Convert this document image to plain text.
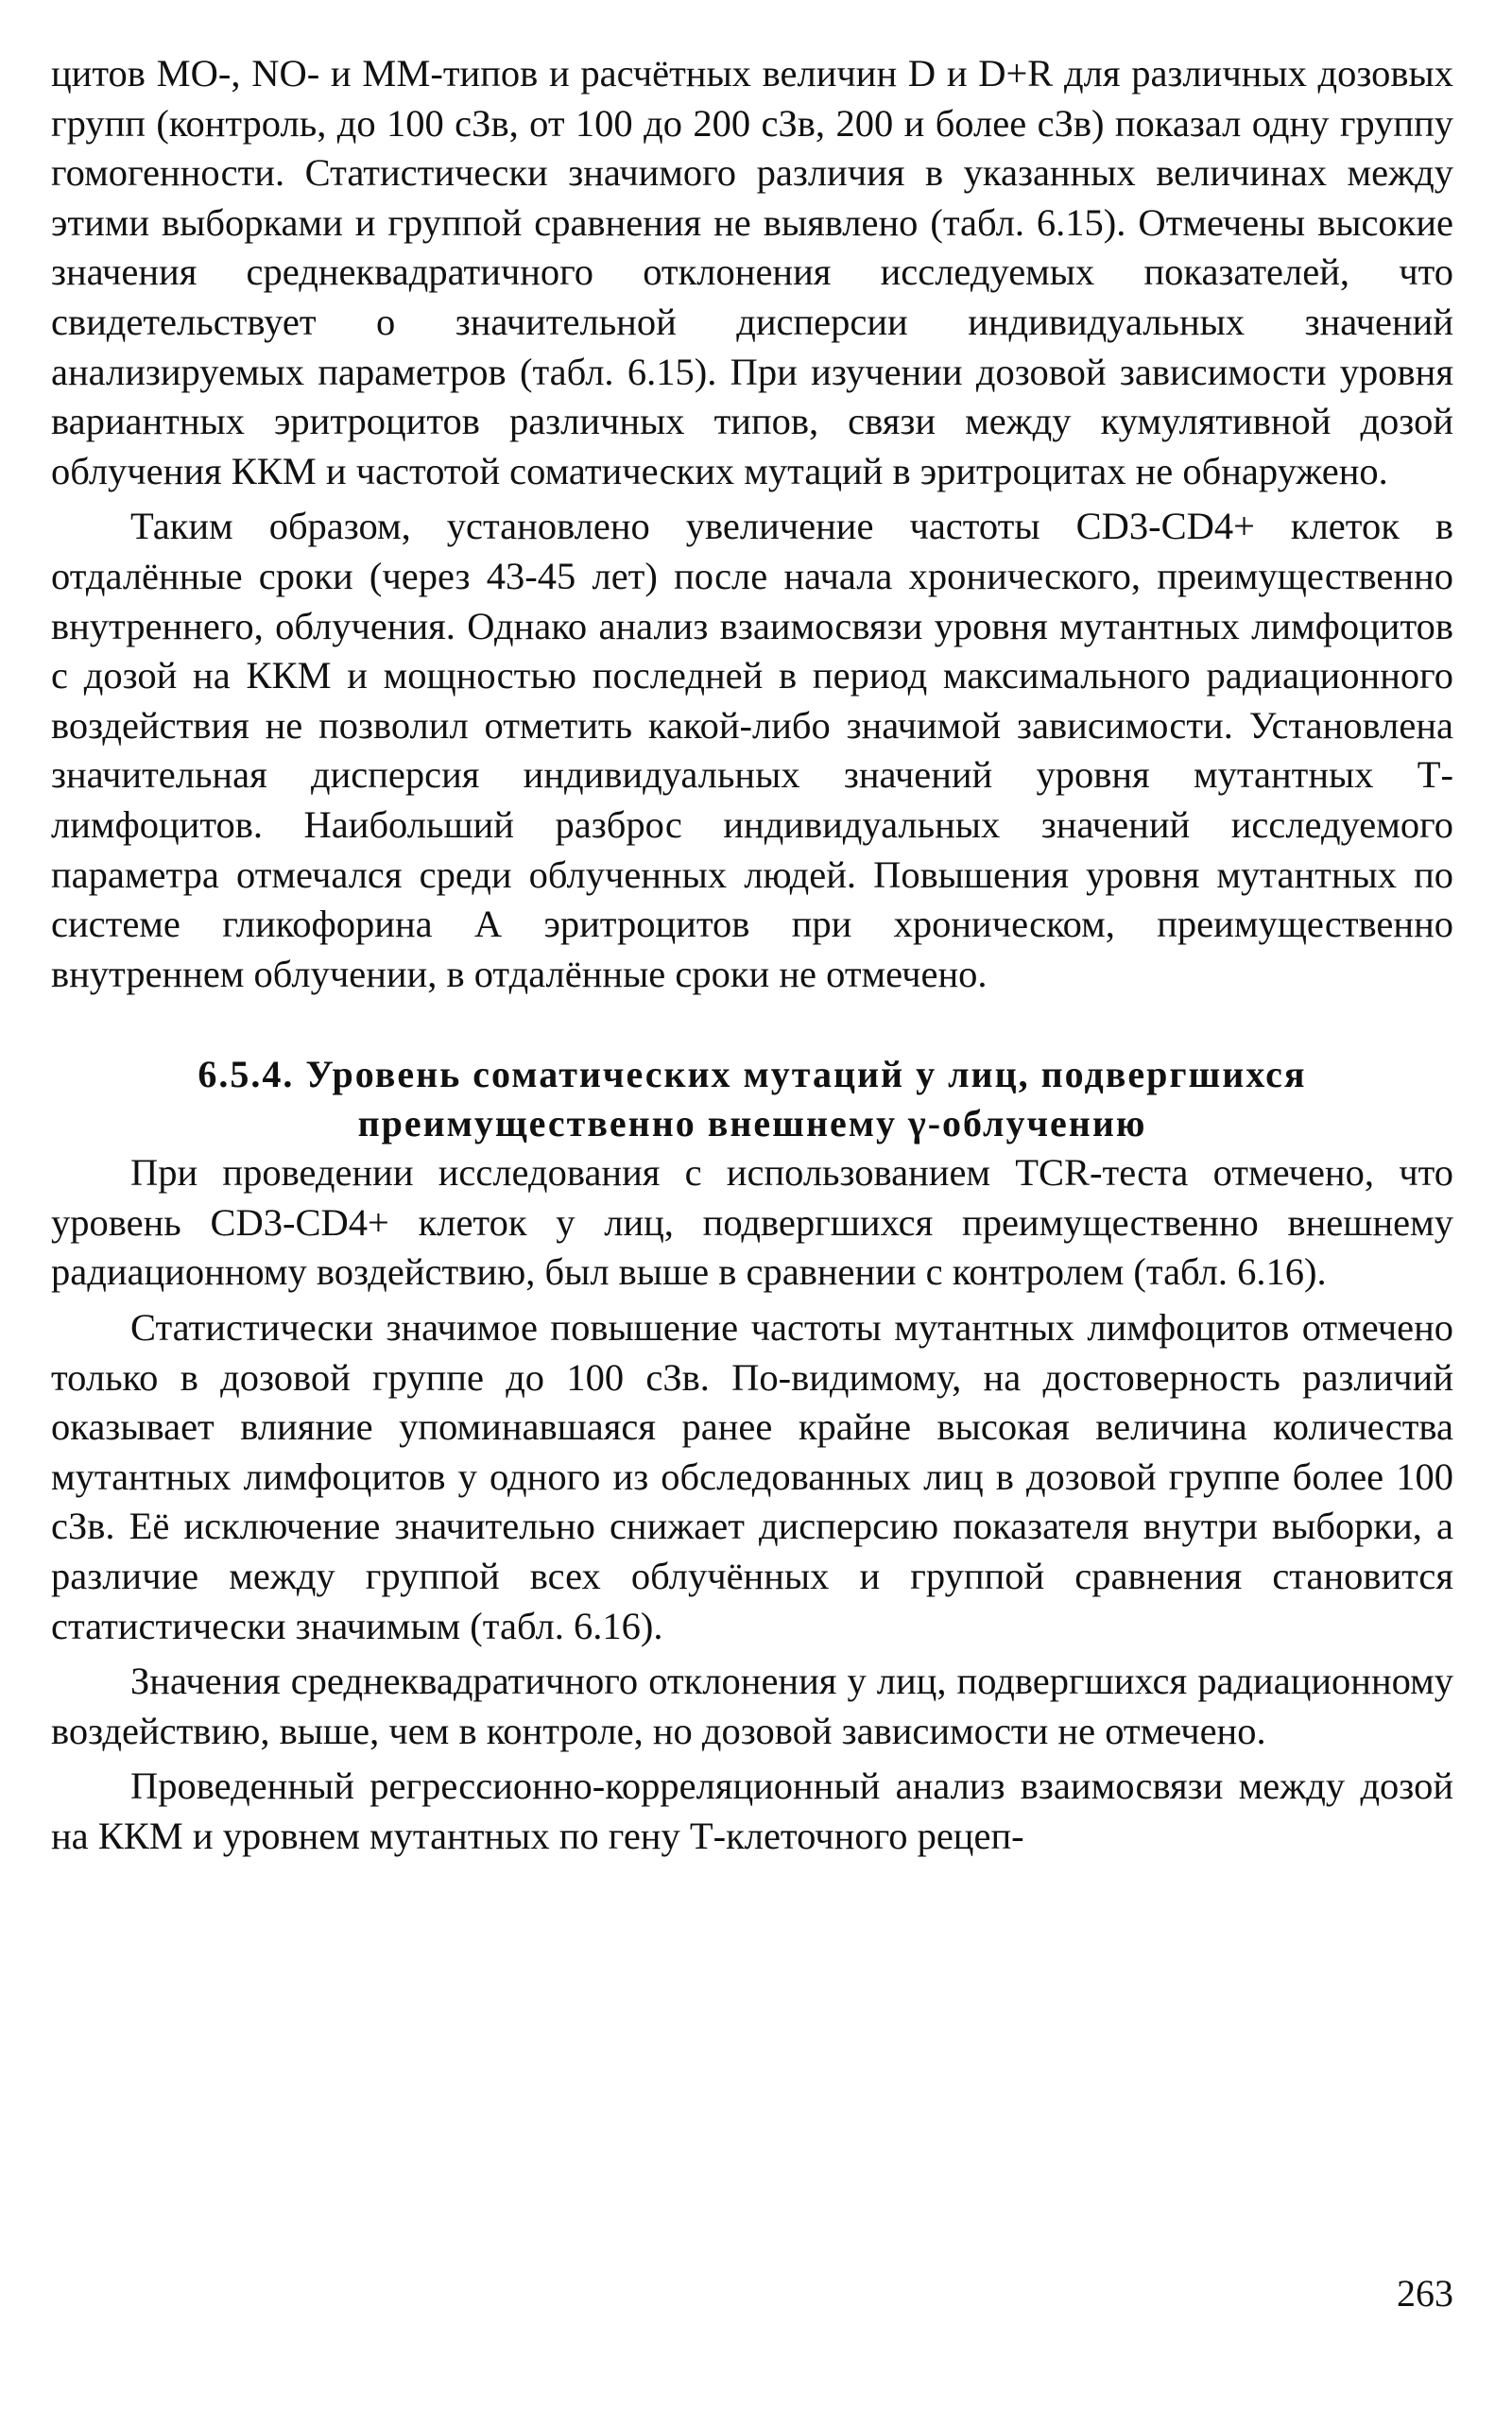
цитов МО-, NO- и ММ-типов и расчётных величин D и D+R для различных дозовых групп (контроль, до 100 сЗв, от 100 до 200 сЗв, 200 и более сЗв) показал одну группу гомогенности. Статистически значимого различия в указанных величинах между этими выборками и группой сравнения не выявлено (табл. 6.15). Отмечены высокие значения среднеквадратичного отклонения исследуемых показателей, что свидетельствует о значительной дисперсии индивидуальных значений анализируемых параметров (табл. 6.15). При изучении дозовой зависимости уровня вариантных эритроцитов различных типов, связи между кумулятивной дозой облучения ККМ и частотой соматических мутаций в эритроцитах не обнаружено.

Таким образом, установлено увеличение частоты CD3-CD4+ клеток в отдалённые сроки (через 43-45 лет) после начала хронического, преимущественно внутреннего, облучения. Однако анализ взаимосвязи уровня мутантных лимфоцитов с дозой на ККМ и мощностью последней в период максимального радиационного воздействия не позволил отметить какой-либо значимой зависимости. Установлена значительная дисперсия индивидуальных значений уровня мутантных Т-лимфоцитов. Наибольший разброс индивидуальных значений исследуемого параметра отмечался среди облученных людей. Повышения уровня мутантных по системе гликофорина А эритроцитов при хроническом, преимущественно внутреннем облучении, в отдалённые сроки не отмечено.

6.5.4. Уровень соматических мутаций у лиц, подвергшихся
преимущественно внешнему γ-облучению

При проведении исследования с использованием TCR-теста отмечено, что уровень CD3-CD4+ клеток у лиц, подвергшихся преимущественно внешнему радиационному воздействию, был выше в сравнении с контролем (табл. 6.16).

Статистически значимое повышение частоты мутантных лимфоцитов отмечено только в дозовой группе до 100 сЗв. По-видимому, на достоверность различий оказывает влияние упоминавшаяся ранее крайне высокая величина количества мутантных лимфоцитов у одного из обследованных лиц в дозовой группе более 100 сЗв. Её исключение значительно снижает дисперсию показателя внутри выборки, а различие между группой всех облучённых и группой сравнения становится статистически значимым (табл. 6.16).

Значения среднеквадратичного отклонения у лиц, подвергшихся радиационному воздействию, выше, чем в контроле, но дозовой зависимости не отмечено.

Проведенный регрессионно-корреляционный анализ взаимосвязи между дозой на ККМ и уровнем мутантных по гену Т-клеточного рецеп-

263
